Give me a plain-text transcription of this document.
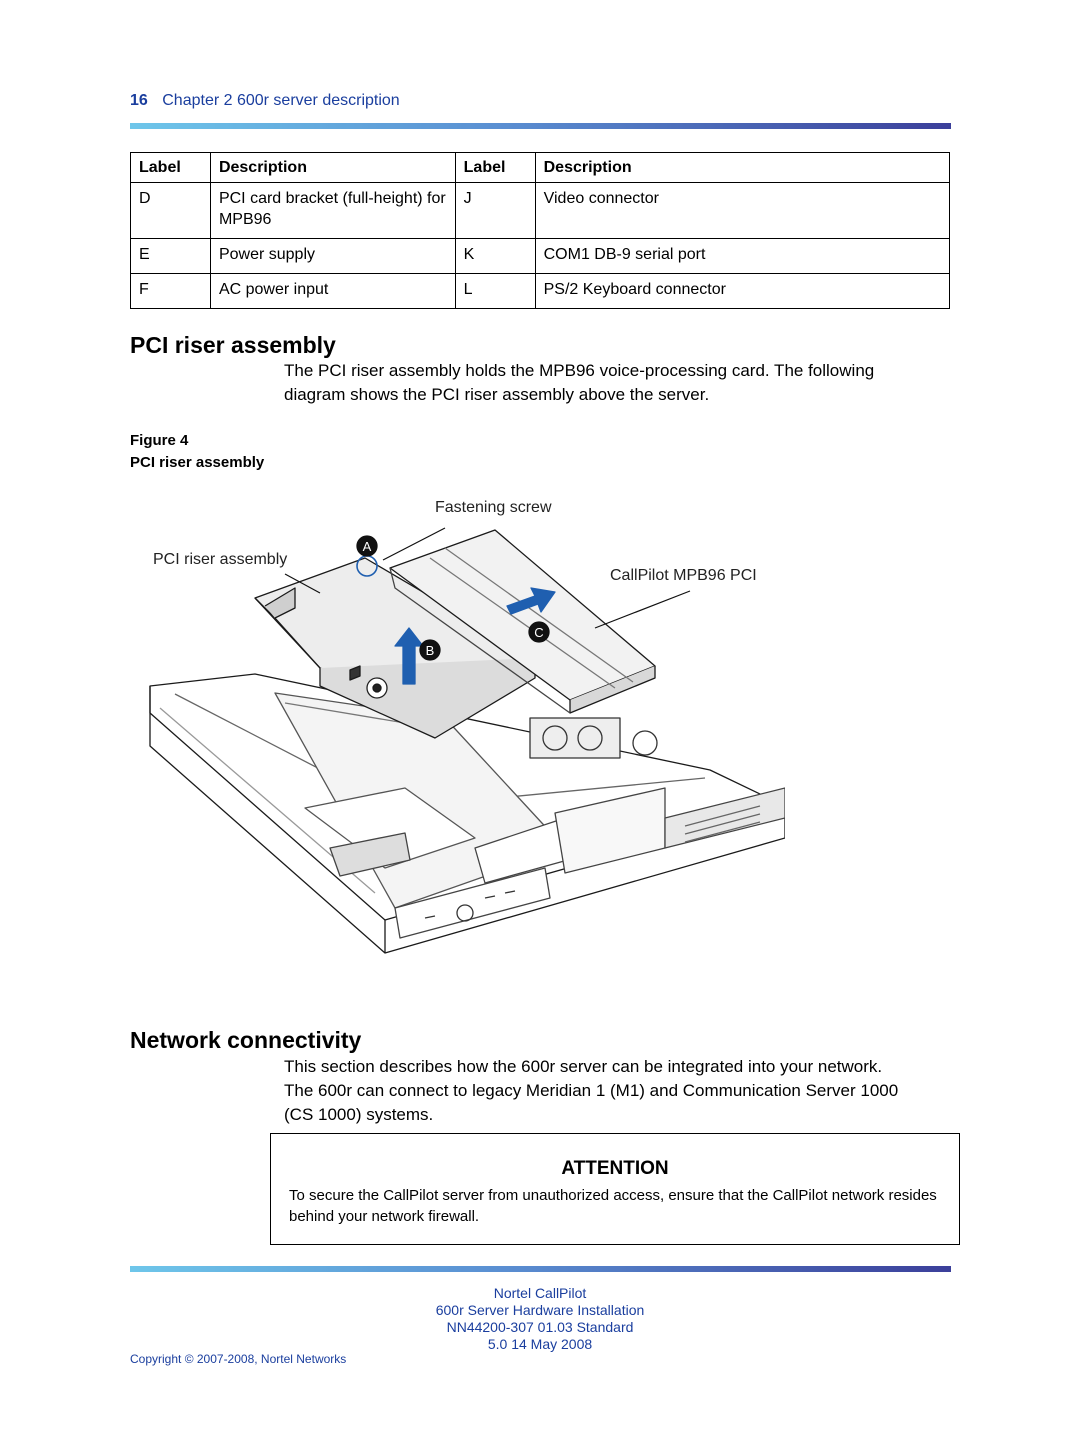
16 Chapter 2 600r server description
Label	Description	Label	Description
D	PCI card bracket (full-height) for MPB96	J	Video connector
E	Power supply	K	COM1 DB-9 serial port
F	AC power input	L	PS/2 Keyboard connector
PCI riser assembly
The PCI riser assembly holds the MPB96 voice-processing card. The following diagram shows the PCI riser assembly above the server.
Figure 4
PCI riser assembly
A
B
C
Fastening screw
PCI riser assembly
CallPilot MPB96 PCI
Network connectivity
This section describes how the 600r server can be integrated into your network. The 600r can connect to legacy Meridian 1 (M1) and Communication Server 1000 (CS 1000) systems.
ATTENTION
To secure the CallPilot server from unauthorized access, ensure that the CallPilot network resides behind your network firewall.
Nortel CallPilot
600r Server Hardware Installation
NN44200-307 01.03 Standard
5.0 14 May 2008
Copyright © 2007-2008, Nortel Networks
